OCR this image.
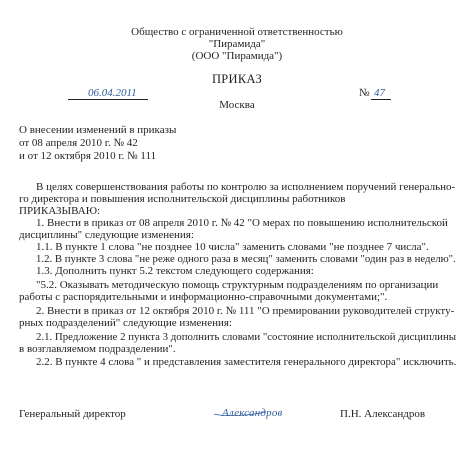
Общество с ограниченной ответственностью
"Пирамида"
(ООО "Пирамида")
ПРИКАЗ
06.04.2011	№ 47
Москва
О внесении изменений в приказы
от 08 апреля 2010 г. № 42
и от 12 октября 2010 г. № 111
В целях совершенствования работы по контролю за исполнением поручений генерально-
го директора и повышения исполнительской дисциплины работников
ПРИКАЗЫВАЮ:
1. Внести в приказ от 08 апреля 2010 г. № 42 "О мерах по повышению исполнительской
дисциплины" следующие изменения:
1.1. В пункте 1 слова "не позднее 10 числа" заменить словами "не позднее 7 числа".
1.2. В пункте 3 слова "не реже одного раза в месяц" заменить словами "один раз в неделю".
1.3. Дополнить пункт 5.2 текстом следующего содержания:
"5.2. Оказывать методическую помощь структурным подразделениям по организации
работы с распорядительными и информационно-справочными документами;".
2. Внести в приказ от 12 октября 2010 г. № 111 "О премировании руководителей структу-
рных подразделений" следующие изменения:
2.1. Предложение 2 пункта 3 дополнить словами "состояние исполнительской дисциплины
в возглавляемом подразделении".
2.2. В пункте 4 слова " и представления заместителя генерального директора" исключить.
Генеральный директор	Александров	П.Н. Александров
